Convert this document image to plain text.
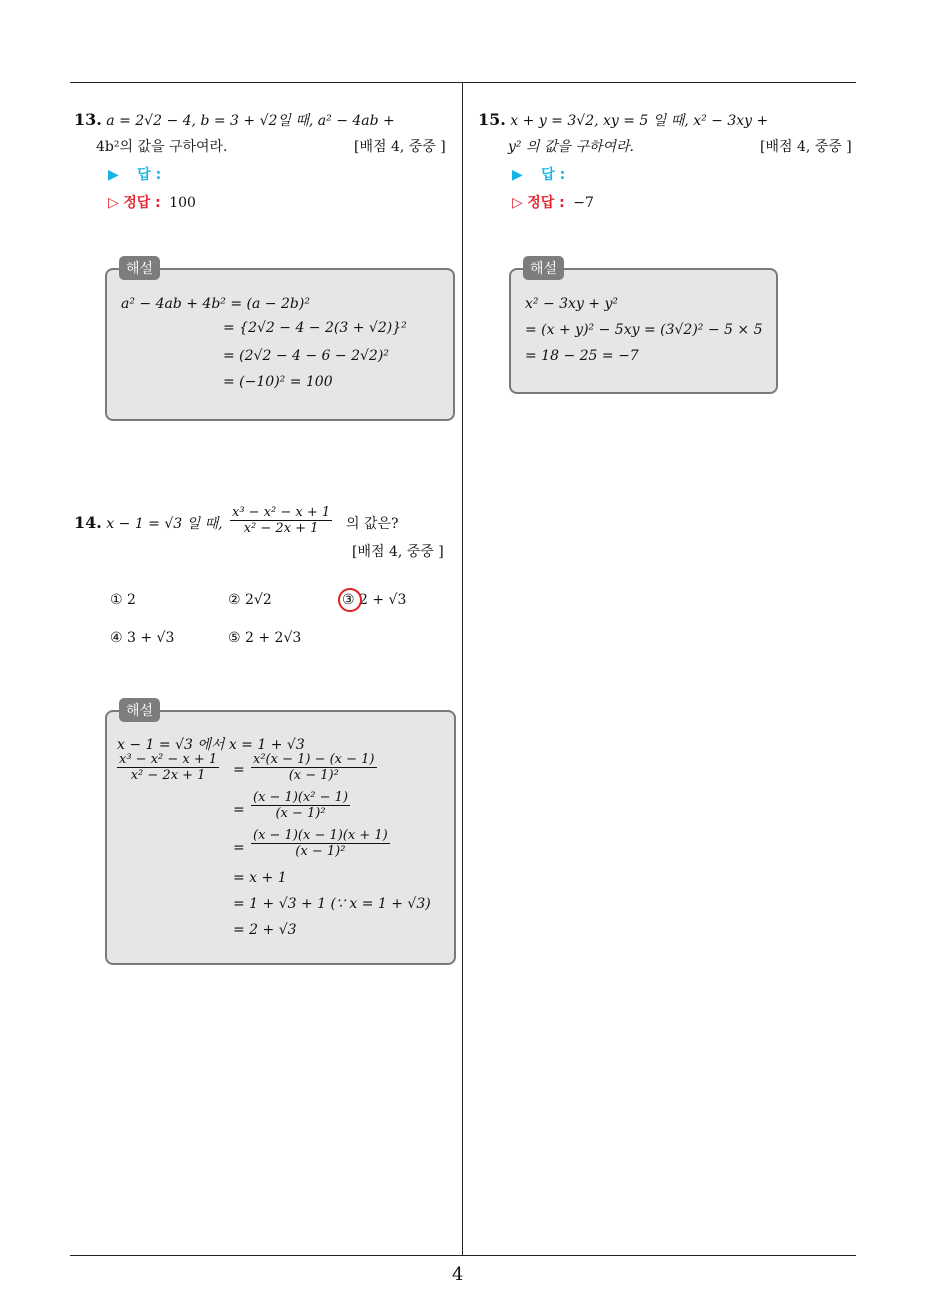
4
13. a = 2√2 − 4, b = 3 + √2일 때, a² − 4ab +
4b²의 값을 구하여라.	[배점 4, 중중 ]
▶ 답 :
▷ 정답 : 100
해설
a² − 4ab + 4b² = (a − 2b)²
= {2√2 − 4 − 2(3 + √2)}²
= (2√2 − 4 − 6 − 2√2)²
= (−10)² = 100
14. x − 1 = √3 일 때, $\frac{\text{x³ − x² − x + 1}}{\text{x² − 2x + 1}}$ 의 값은?
[배점 4, 중중 ]
① 2	② 2√2	③ 2 + √3
④ 3 + √3	⑤ 2 + 2√3
해설
x − 1 = √3 에서 x = 1 + √3
$\frac{\text{x³ − x² − x + 1}}{\text{x² − 2x + 1}} = \frac{\text{x²(x − 1) − (x − 1)}}{\text{(x − 1)²}}$
= $\frac{\text{(x − 1)(x² − 1)}}{\text{(x − 1)²}}$
= $\frac{(x - 1)(x - 1)(x + 1)}{\text{(x − 1)²}}$
= x + 1
= 1 + √3 + 1 (∵ x = 1 + √3)
= 2 + √3
15. x + y = 3√2, xy = 5 일 때, x² − 3xy +
y² 의 값을 구하여라.	[배점 4, 중중 ]
▶ 답 :
▷ 정답 : −7
해설
x² − 3xy + y²
= (x + y)² − 5xy = (3√2)² − 5 × 5
= 18 − 25 = −7
